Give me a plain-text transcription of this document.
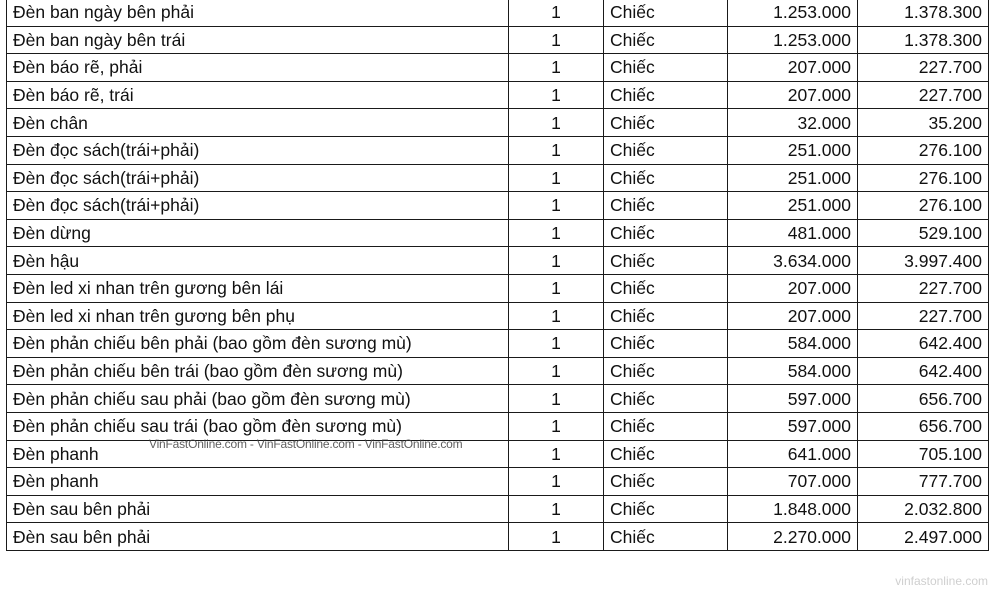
Đèn ban ngày bên phải	1	Chiếc	1.253.000	1.378.300
Đèn ban ngày bên trái	1	Chiếc	1.253.000	1.378.300
Đèn báo rẽ, phải	1	Chiếc	207.000	227.700
Đèn báo rẽ, trái	1	Chiếc	207.000	227.700
Đèn chân	1	Chiếc	32.000	35.200
Đèn đọc sách(trái+phải)	1	Chiếc	251.000	276.100
Đèn đọc sách(trái+phải)	1	Chiếc	251.000	276.100
Đèn đọc sách(trái+phải)	1	Chiếc	251.000	276.100
Đèn dừng	1	Chiếc	481.000	529.100
Đèn hậu	1	Chiếc	3.634.000	3.997.400
Đèn led xi nhan trên gương bên lái	1	Chiếc	207.000	227.700
Đèn led xi nhan trên gương bên phụ	1	Chiếc	207.000	227.700
Đèn phản chiếu bên phải (bao gồm đèn sương mù)	1	Chiếc	584.000	642.400
Đèn phản chiếu bên trái (bao gồm đèn sương mù)	1	Chiếc	584.000	642.400
Đèn phản chiếu sau phải (bao gồm đèn sương mù)	1	Chiếc	597.000	656.700
Đèn phản chiếu sau trái (bao gồm đèn sương mù)	1	Chiếc	597.000	656.700
Đèn phanh	1	Chiếc	641.000	705.100
Đèn phanh	1	Chiếc	707.000	777.700
Đèn sau bên phải	1	Chiếc	1.848.000	2.032.800
Đèn sau bên phải	1	Chiếc	2.270.000	2.497.000
VinFastOnline.com - VinFastOnline.com - VinFastOnline.com
vinfastonline.com
